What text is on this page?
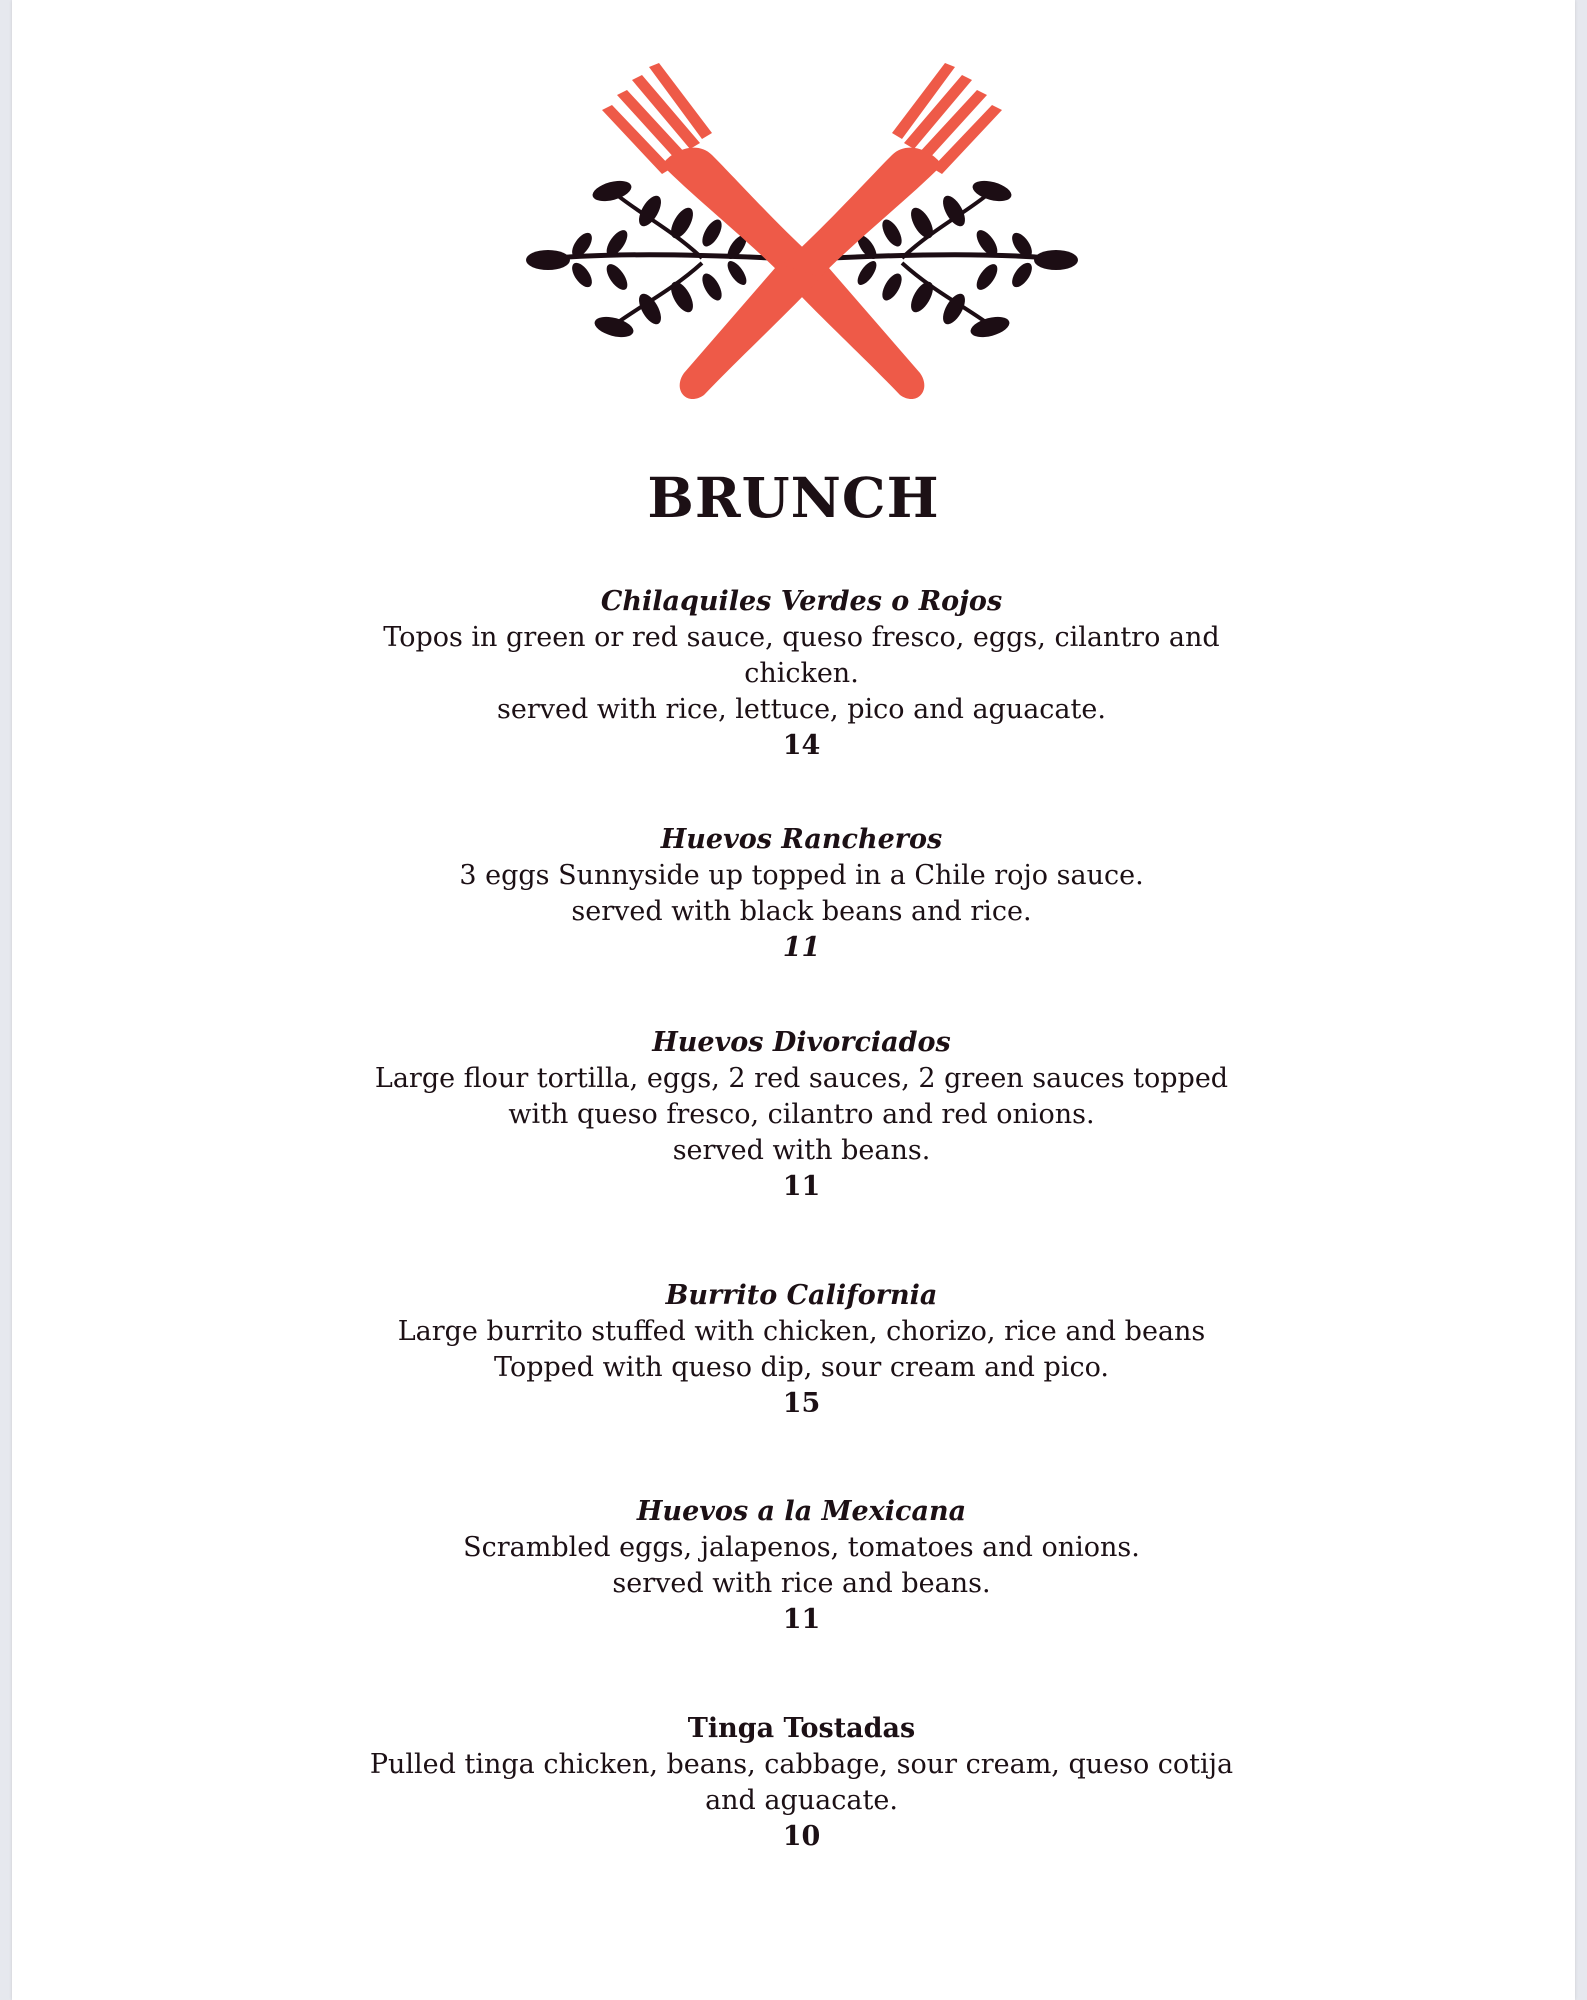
BRUNCH

Chilaquiles Verdes o Rojos

Topos in green or red sauce, queso fresco, eggs, cilantro and

chicken.

served with rice, lettuce, pico and aguacate.

14

Huevos Rancheros

3 eggs Sunnyside up topped in a Chile rojo sauce.

served with black beans and rice.

11

Huevos Divorciados

Large flour tortilla, eggs, 2 red sauces, 2 green sauces topped

with queso fresco, cilantro and red onions.

served with beans.

11

Burrito California

Large burrito stuffed with chicken, chorizo, rice and beans

Topped with queso dip, sour cream and pico.

15

Huevos a la Mexicana

Scrambled eggs, jalapenos, tomatoes and onions.

served with rice and beans.

11

Tinga Tostadas

Pulled tinga chicken, beans, cabbage, sour cream, queso cotija

and aguacate.

10
